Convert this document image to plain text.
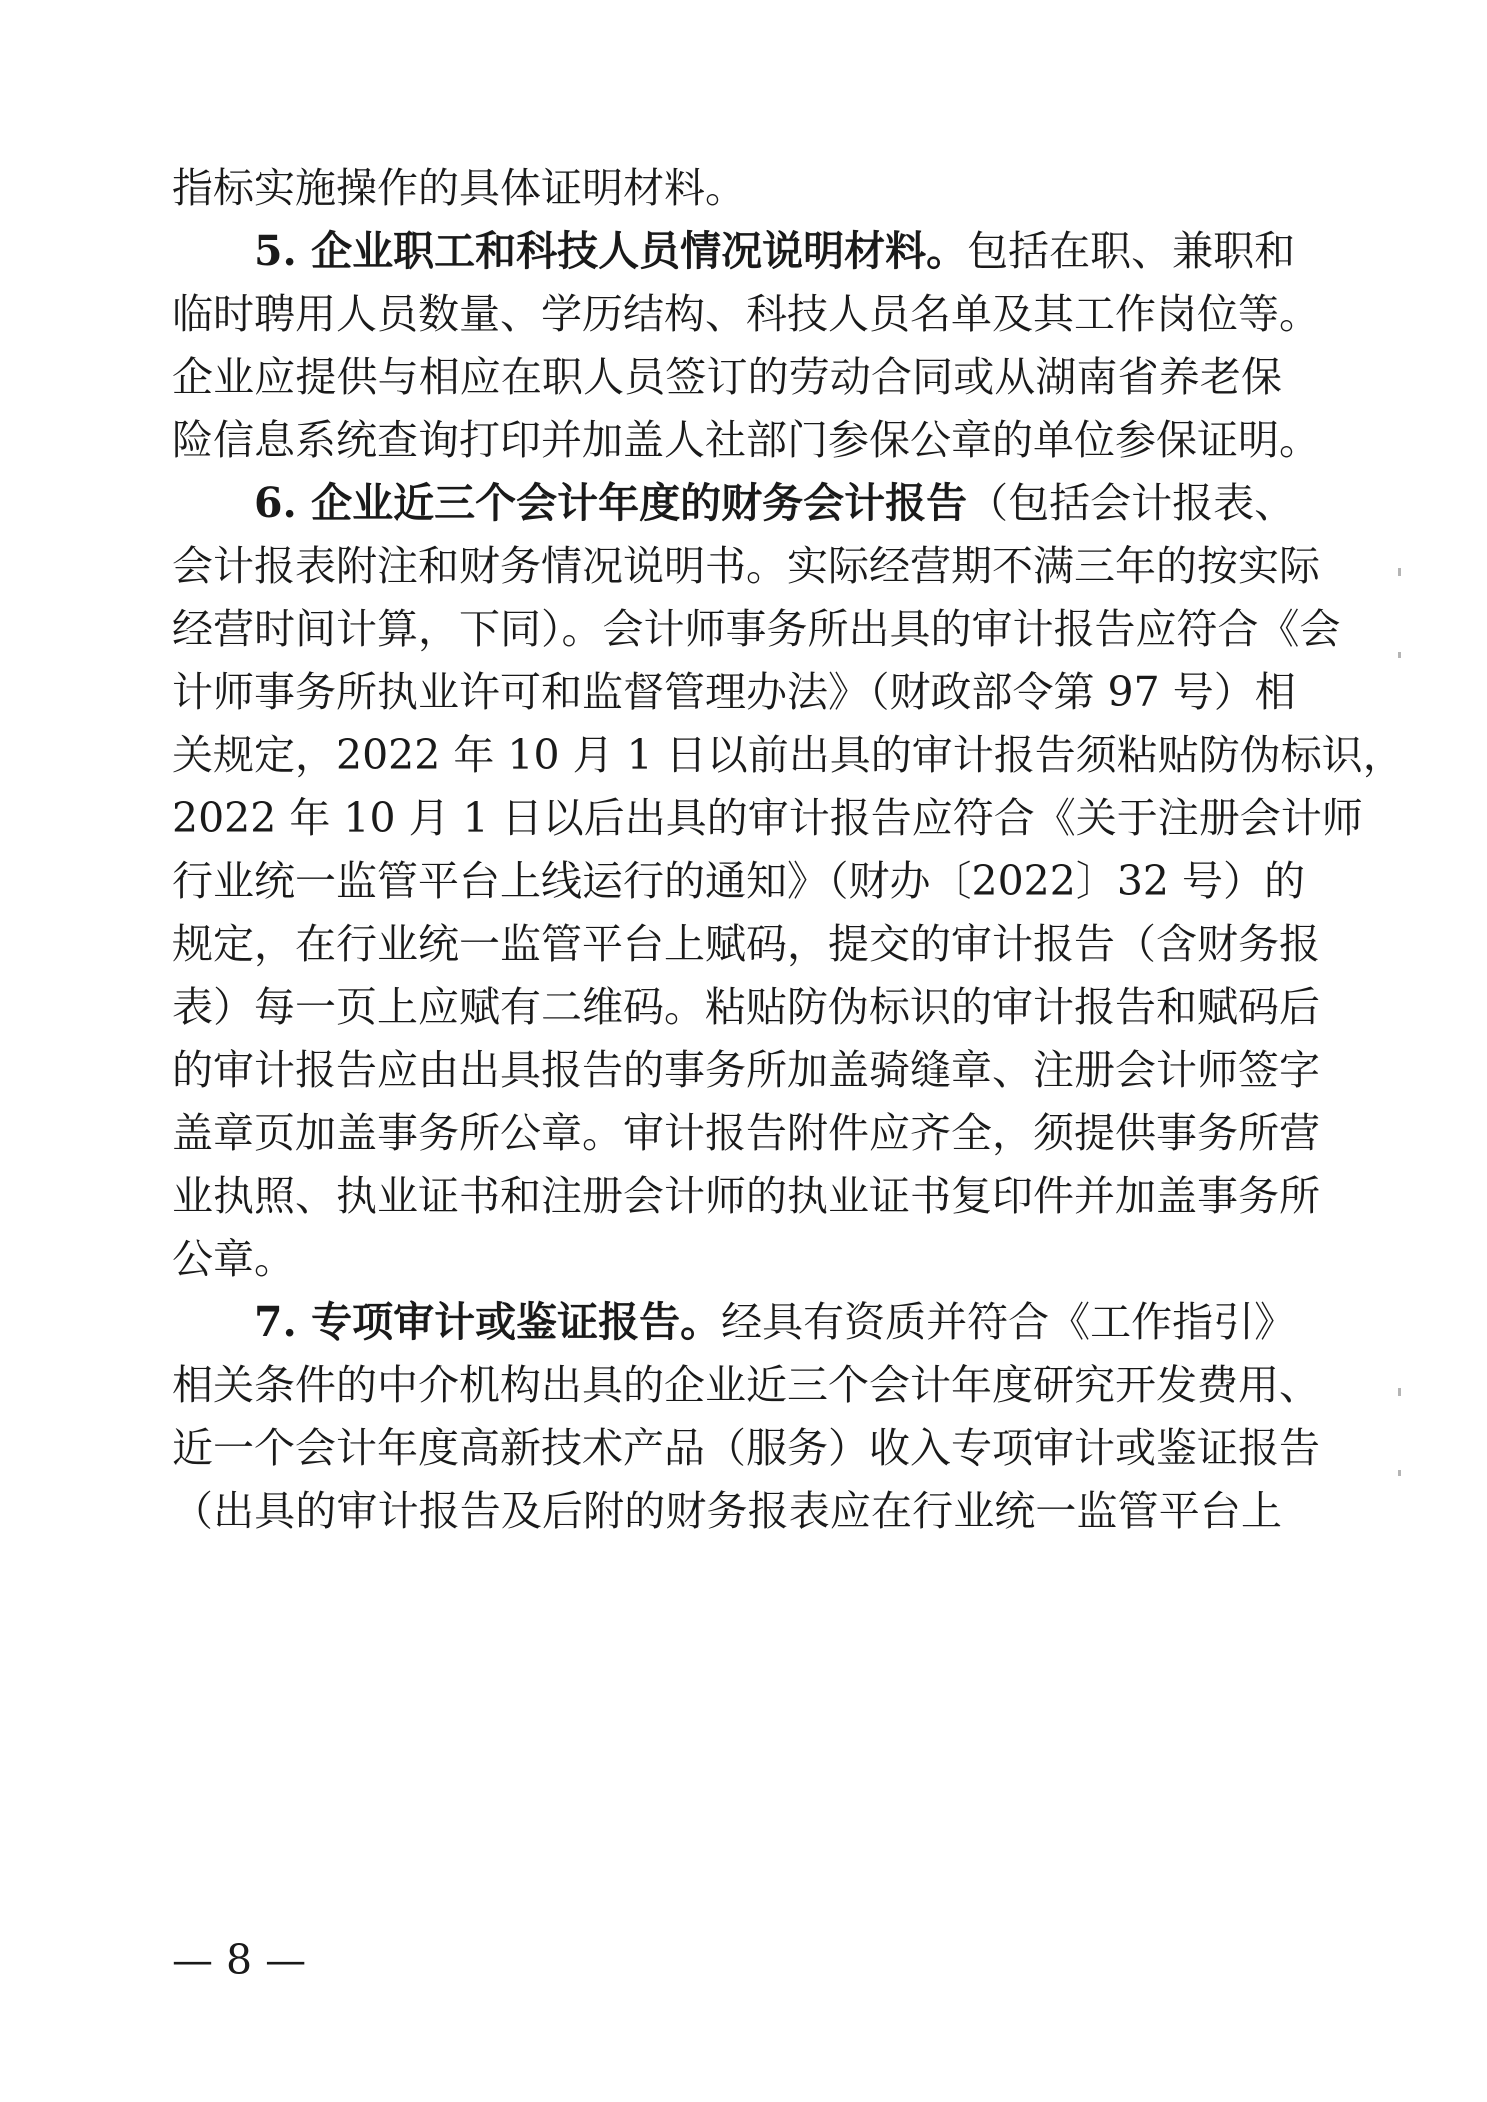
指标实施操作的具体证明材料。
5. 企业职工和科技人员情况说明材料。包括在职、兼职和
临时聘用人员数量、学历结构、科技人员名单及其工作岗位等。
企业应提供与相应在职人员签订的劳动合同或从湖南省养老保
险信息系统查询打印并加盖人社部门参保公章的单位参保证明。
6. 企业近三个会计年度的财务会计报告（包括会计报表、
会计报表附注和财务情况说明书。实际经营期不满三年的按实际
经营时间计算，下同）。会计师事务所出具的审计报告应符合《会
计师事务所执业许可和监督管理办法》（财政部令第 97 号）相
关规定，2022 年 10 月 1 日以前出具的审计报告须粘贴防伪标识，
2022 年 10 月 1 日以后出具的审计报告应符合《关于注册会计师
行业统一监管平台上线运行的通知》（财办〔2022〕32 号）的
规定，在行业统一监管平台上赋码，提交的审计报告（含财务报
表）每一页上应赋有二维码。粘贴防伪标识的审计报告和赋码后
的审计报告应由出具报告的事务所加盖骑缝章、注册会计师签字
盖章页加盖事务所公章。审计报告附件应齐全，须提供事务所营
业执照、执业证书和注册会计师的执业证书复印件并加盖事务所
公章。
7. 专项审计或鉴证报告。经具有资质并符合《工作指引》
相关条件的中介机构出具的企业近三个会计年度研究开发费用、
近一个会计年度高新技术产品（服务）收入专项审计或鉴证报告
（出具的审计报告及后附的财务报表应在行业统一监管平台上
— 8 —
